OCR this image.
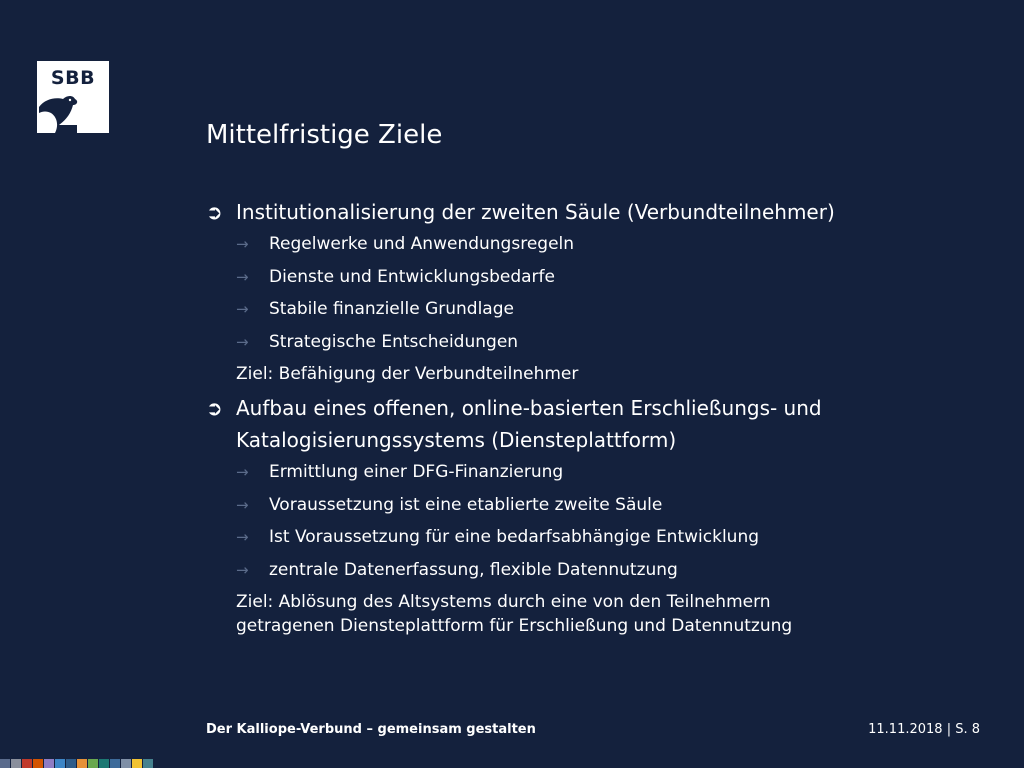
SBB
Mittelfristige Ziele
➲ Institutionalisierung der zweiten Säule (Verbundteilnehmer)
→	Regelwerke und Anwendungsregeln
→	Dienste und Entwicklungsbedarfe
→	Stabile finanzielle Grundlage
→	Strategische Entscheidungen
Ziel: Befähigung der Verbundteilnehmer
➲ Aufbau eines offenen, online-basierten Erschließungs- und
Katalogisierungssystems (Diensteplattform)
→	Ermittlung einer DFG-Finanzierung
→	Voraussetzung ist eine etablierte zweite Säule
→	Ist Voraussetzung für eine bedarfsabhängige Entwicklung
→	zentrale Datenerfassung, flexible Datennutzung
Ziel: Ablösung des Altsystems durch eine von den Teilnehmern
getragenen Diensteplattform für Erschließung und Datennutzung
Der Kalliope-Verbund – gemeinsam gestalten	11.11.2018 | S. 8
